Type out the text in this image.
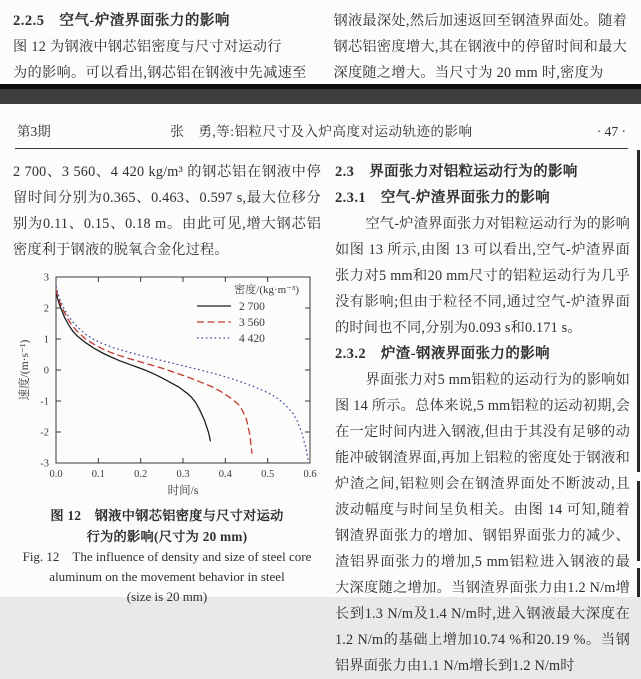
2.2.5　空气-炉渣界面张力的影响
图 12 为钢液中钢芯铝密度与尺寸对运动行
为的影响。可以看出,钢芯铝在钢液中先减速至
钢液最深处,然后加速返回至钢渣界面处。随着
钢芯铝密度增大,其在钢液中的停留时间和最大
深度随之增大。当尺寸为 20 mm 时,密度为
第3期	张　勇,等:铝粒尺寸及入炉高度对运动轨迹的影响	· 47 ·

2 700、3 560、4 420 kg/m³ 的钢芯铝在钢液中停留时间分别为0.365、0.463、0.597 s,最大位移分别为0.11、0.15、0.18 m。由此可见,增大钢芯铝密度利于钢液的脱氧合金化过程。

-3
-2
-1
0
1
2
3
0.0	0.1	0.2	0.3	0.4	0.5	0.6
速度/(m·s⁻¹)
时间/s
密度/(kg·m⁻³)
2 700
3 560
4 420
图 12　钢液中钢芯铝密度与尺寸对运动
行为的影响(尺寸为 20 mm)
Fig. 12　The influence of density and size of steel core
aluminum on the movement behavior in steel
(size is 20 mm)
2.3　界面张力对铝粒运动行为的影响
2.3.1　空气-炉渣界面张力的影响

空气-炉渣界面张力对铝粒运动行为的影响如图 13 所示,由图 13 可以看出,空气-炉渣界面张力对5 mm和20 mm尺寸的铝粒运动行为几乎没有影响;但由于粒径不同,通过空气-炉渣界面的时间也不同,分别为0.093 s和0.171 s。

2.3.2　炉渣-钢液界面张力的影响

界面张力对5 mm铝粒的运动行为的影响如图 14 所示。总体来说,5 mm铝粒的运动初期,会在一定时间内进入钢液,但由于其没有足够的动能冲破钢渣界面,再加上铝粒的密度处于钢液和炉渣之间,铝粒则会在钢渣界面处不断波动,且波动幅度与时间呈负相关。由图 14 可知,随着钢渣界面张力的增加、钢铝界面张力的减少、渣铝界面张力的增加,5 mm铝粒进入钢液的最大深度随之增加。当钢渣界面张力由1.2 N/m增长到1.3 N/m及1.4 N/m时,进入钢液最大深度在1.2 N/m的基础上增加10.74 %和20.19 %。当钢铝界面张力由1.1 N/m增长到1.2 N/m时
